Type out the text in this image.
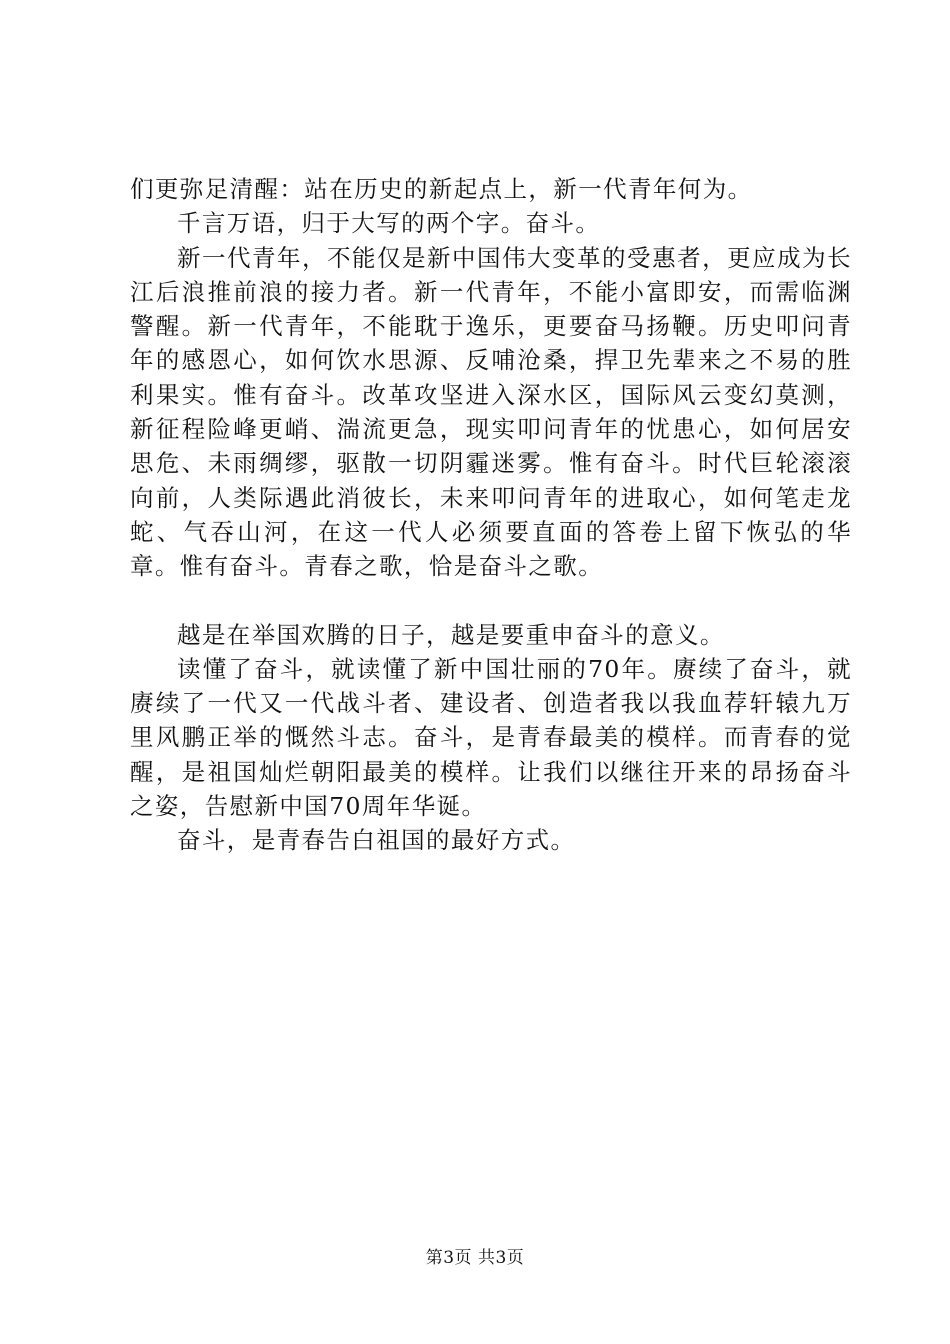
们更弥足清醒：站在历史的新起点上，新一代青年何为。

千言万语，归于大写的两个字。奋斗。

新一代青年，不能仅是新中国伟大变革的受惠者，更应成为长江后浪推前浪的接力者。新一代青年，不能小富即安，而需临渊警醒。新一代青年，不能耽于逸乐，更要奋马扬鞭。历史叩问青年的感恩心，如何饮水思源、反哺沧桑，捍卫先辈来之不易的胜利果实。惟有奋斗。改革攻坚进入深水区，国际风云变幻莫测，新征程险峰更峭、湍流更急，现实叩问青年的忧患心，如何居安思危、未雨绸缪，驱散一切阴霾迷雾。惟有奋斗。时代巨轮滚滚向前，人类际遇此消彼长，未来叩问青年的进取心，如何笔走龙蛇、气吞山河，在这一代人必须要直面的答卷上留下恢弘的华章。惟有奋斗。青春之歌，恰是奋斗之歌。

越是在举国欢腾的日子，越是要重申奋斗的意义。

读懂了奋斗，就读懂了新中国壮丽的70年。赓续了奋斗，就赓续了一代又一代战斗者、建设者、创造者我以我血荐轩辕九万里风鹏正举的慨然斗志。奋斗，是青春最美的模样。而青春的觉醒，是祖国灿烂朝阳最美的模样。让我们以继往开来的昂扬奋斗之姿，告慰新中国70周年华诞。

奋斗，是青春告白祖国的最好方式。

第3页 共3页
